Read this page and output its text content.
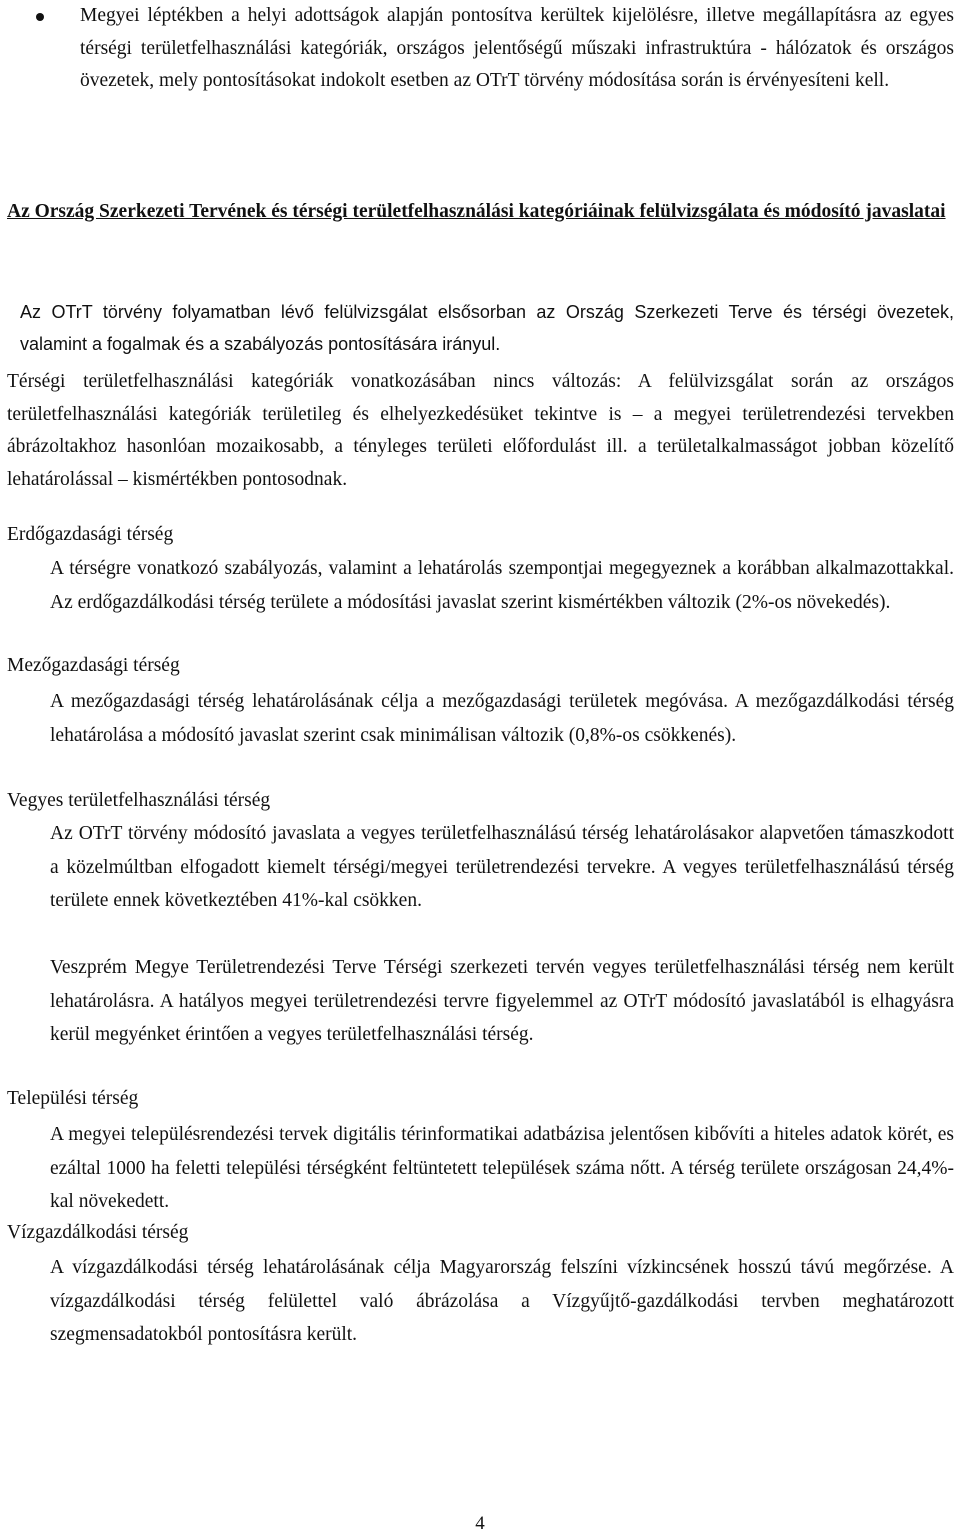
Megyei léptékben a helyi adottságok alapján pontosítva kerültek kijelölésre, illetve megállapításra az egyes térségi területfelhasználási kategóriák, országos jelentőségű műszaki infrastruktúra - hálózatok és országos övezetek, mely pontosításokat indokolt esetben az OTrT törvény módosítása során is érvényesíteni kell.
Az Ország Szerkezeti Tervének és térségi területfelhasználási kategóriáinak felülvizsgálata és módosító javaslatai
Az OTrT törvény folyamatban lévő felülvizsgálat elsősorban az Ország Szerkezeti Terve és térségi övezetek, valamint a fogalmak és a szabályozás pontosítására irányul.
Térségi területfelhasználási kategóriák vonatkozásában nincs változás: A felülvizsgálat során az országos területfelhasználási kategóriák területileg és elhelyezkedésüket tekintve is – a megyei területrendezési tervekben ábrázoltakhoz hasonlóan mozaikosabb, a tényleges területi előfordulást ill. a területalkalmasságot jobban közelítő lehatárolással – kismértékben pontosodnak.
Erdőgazdasági térség
A térségre vonatkozó szabályozás, valamint a lehatárolás szempontjai megegyeznek a korábban alkalmazottakkal. Az erdőgazdálkodási térség területe a módosítási javaslat szerint kismértékben változik (2%-os növekedés).
Mezőgazdasági térség
A mezőgazdasági térség lehatárolásának célja a mezőgazdasági területek megóvása. A mezőgazdálkodási térség lehatárolása a módosító javaslat szerint csak minimálisan változik (0,8%-os csökkenés).
Vegyes területfelhasználási térség
Az OTrT törvény módosító javaslata a vegyes területfelhasználású térség lehatárolásakor alapvetően támaszkodott a közelmúltban elfogadott kiemelt térségi/megyei területrendezési tervekre. A vegyes területfelhasználású térség területe ennek következtében 41%-kal csökken.
Veszprém Megye Területrendezési Terve Térségi szerkezeti tervén vegyes területfelhasználási térség nem került lehatárolásra. A hatályos megyei területrendezési tervre figyelemmel az OTrT módosító javaslatából is elhagyásra kerül megyénket érintően a vegyes területfelhasználási térség.
Települési térség
A megyei településrendezési tervek digitális térinformatikai adatbázisa jelentősen kibővíti a hiteles adatok körét, es ezáltal 1000 ha feletti települési térségként feltüntetett települések száma nőtt. A térség területe országosan 24,4%-kal növekedett.
Vízgazdálkodási térség
A vízgazdálkodási térség lehatárolásának célja Magyarország felszíni vízkincsének hosszú távú megőrzése. A vízgazdálkodási térség felülettel való ábrázolása a Vízgyűjtő-gazdálkodási tervben meghatározott szegmensadatokból pontosításra került.
4
